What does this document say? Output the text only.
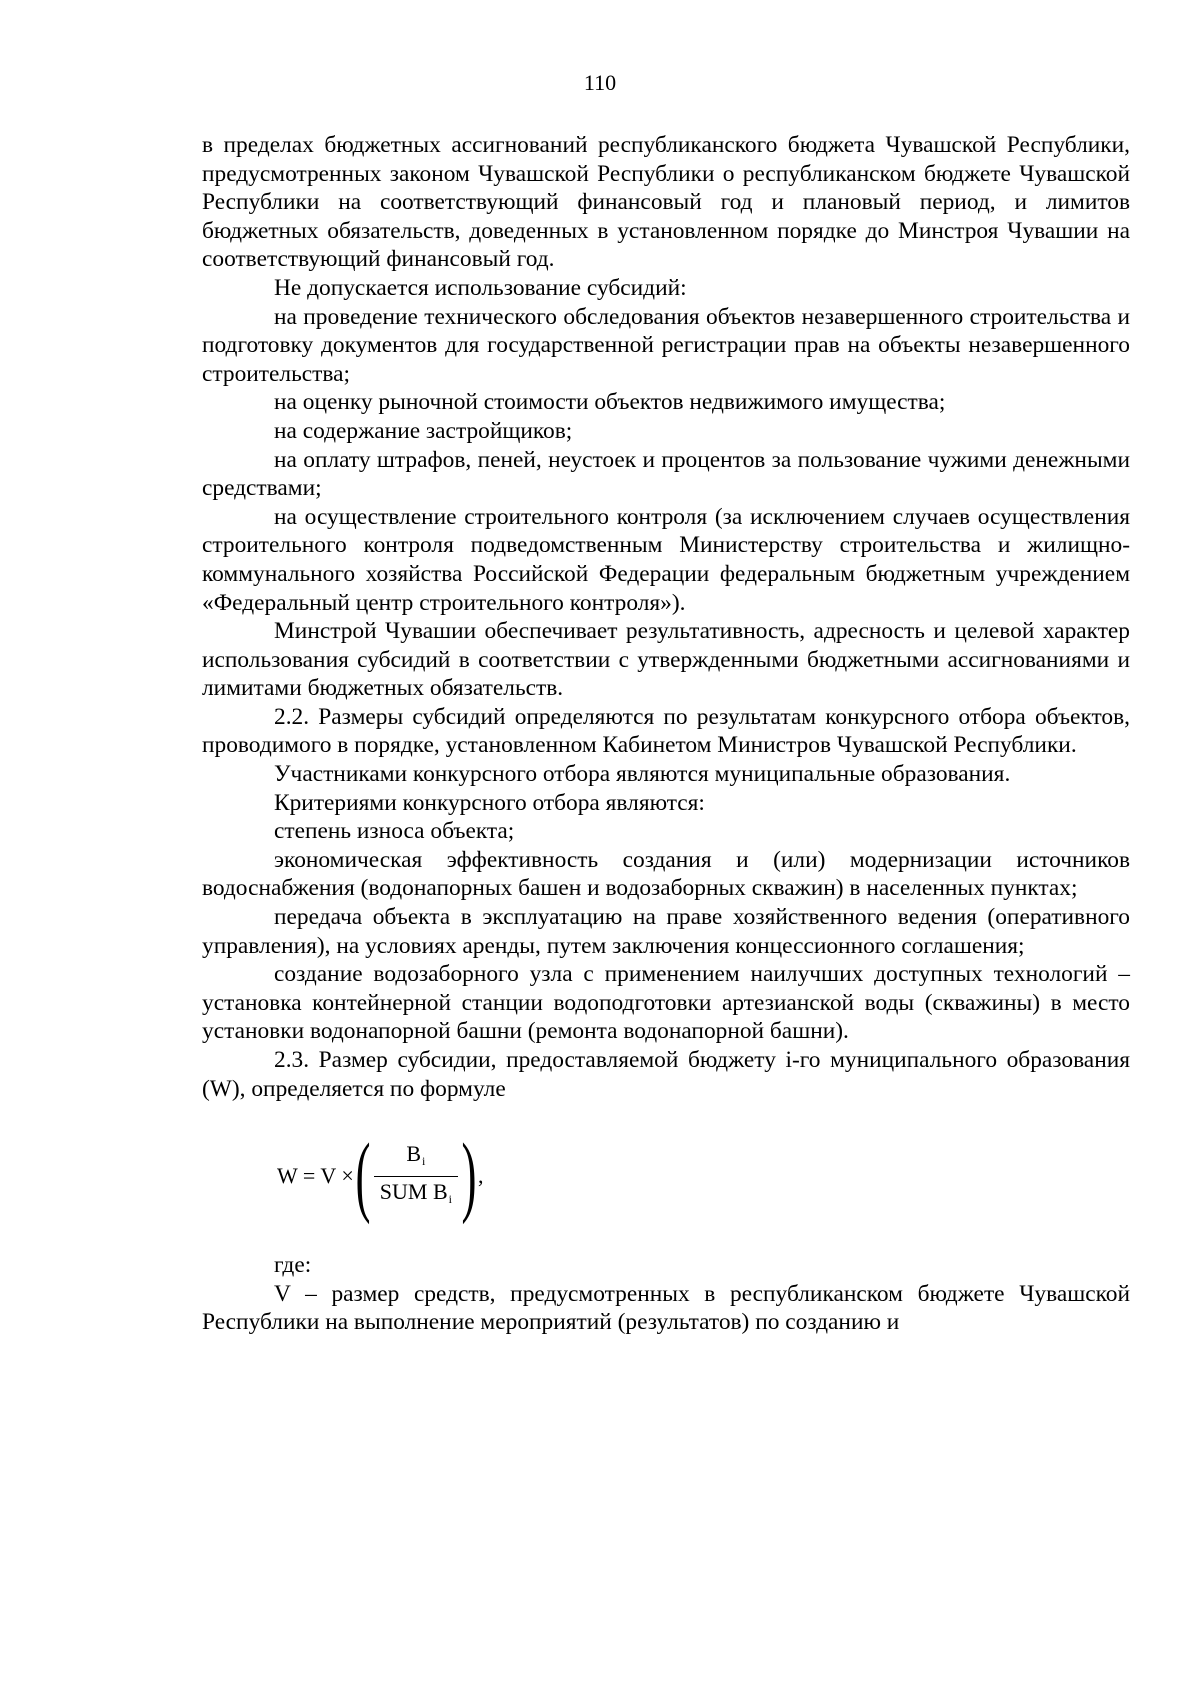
110

в пределах бюджетных ассигнований республиканского бюджета Чувашской Республики, предусмотренных законом Чувашской Республики о республиканском бюджете Чувашской Республики на соответствующий финансовый год и плановый период, и лимитов бюджетных обязательств, доведенных в установленном порядке до Минстроя Чувашии на соответствующий финансовый год.

Не допускается использование субсидий:

на проведение технического обследования объектов незавершенного строительства и подготовку документов для государственной регистрации прав на объекты незавершенного строительства;

на оценку рыночной стоимости объектов недвижимого имущества;

на содержание застройщиков;

на оплату штрафов, пеней, неустоек и процентов за пользование чужими денежными средствами;

на осуществление строительного контроля (за исключением случаев осуществления строительного контроля подведомственным Министерству строительства и жилищно-коммунального хозяйства Российской Федерации федеральным бюджетным учреждением «Федеральный центр строительного контроля»).

Минстрой Чувашии обеспечивает результативность, адресность и целевой характер использования субсидий в соответствии с утвержденными бюджетными ассигнованиями и лимитами бюджетных обязательств.

2.2. Размеры субсидий определяются по результатам конкурсного отбора объектов, проводимого в порядке, установленном Кабинетом Министров Чувашской Республики.

Участниками конкурсного отбора являются муниципальные образования.

Критериями конкурсного отбора являются:

степень износа объекта;

экономическая эффективность создания и (или) модернизации источников водоснабжения (водонапорных башен и водозаборных скважин) в населенных пунктах;

передача объекта в эксплуатацию на праве хозяйственного ведения (оперативного управления), на условиях аренды, путем заключения концессионного соглашения;

создание водозаборного узла с применением наилучших доступных технологий – установка контейнерной станции водоподготовки артезианской воды (скважины) в место установки водонапорной башни (ремонта водонапорной башни).

2.3. Размер субсидии, предоставляемой бюджету i-го муниципального образования (W), определяется по формуле

W = V × ( $\frac{B_i}{SUM B_i}$ ) ,

где:

V – размер средств, предусмотренных в республиканском бюджете Чувашской Республики на выполнение мероприятий (результатов) по созданию и
